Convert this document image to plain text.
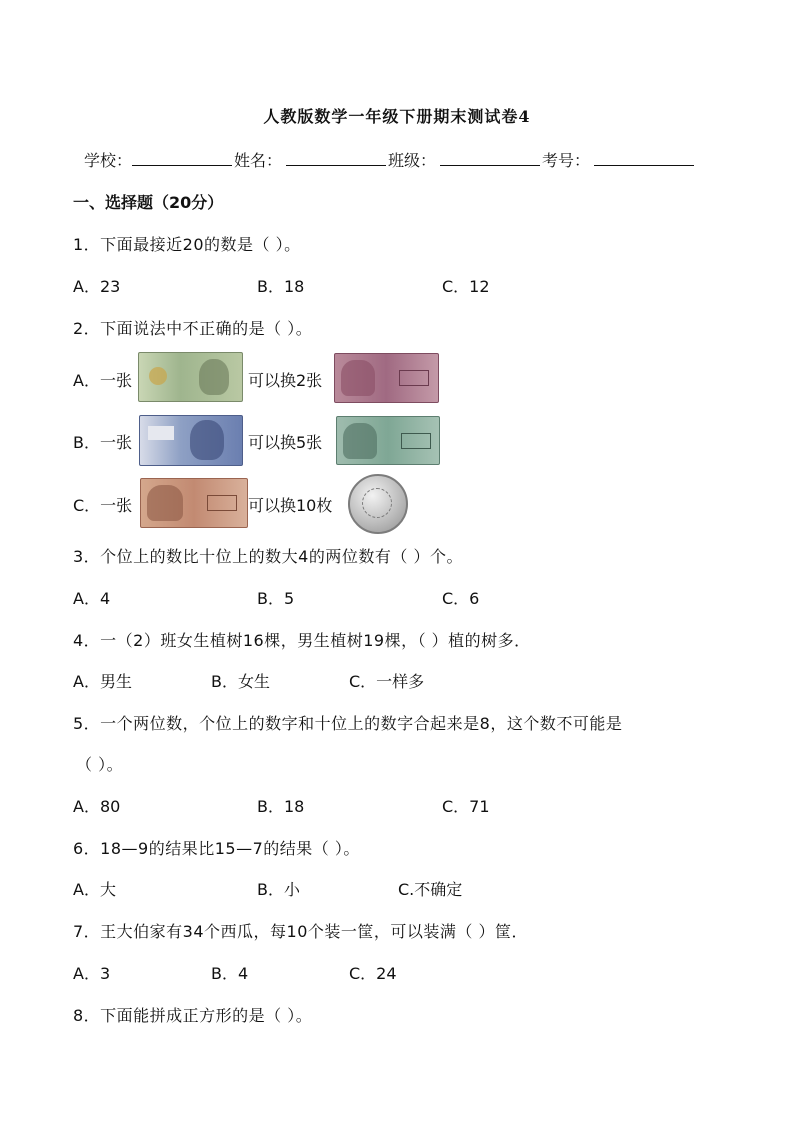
人教版数学一年级下册期末测试卷4
学校：	姓名：	班级：	考号：
一、选择题（20分）
1．下面最接近20的数是（ ）。
A．23	B．18	C．12
2．下面说法中不正确的是（ ）。
A．一张	可以换2张
B．一张	可以换5张
C．一张	可以换10枚
3．个位上的数比十位上的数大4的两位数有（ ）个。
A．4	B．5	C．6
4．一（2）班女生植树16棵，男生植树19棵，（ ）植的树多．
A．男生	B．女生	C．一样多
5．一个两位数，个位上的数字和十位上的数字合起来是8，这个数不可能是
（ ）。
A．80	B．18	C．71
6．18—9的结果比15—7的结果（ ）。
A．大	B．小	C.不确定
7．王大伯家有34个西瓜，每10个装一筐，可以装满（ ）筐．
A．3	B．4	C．24
8．下面能拼成正方形的是（ ）。
